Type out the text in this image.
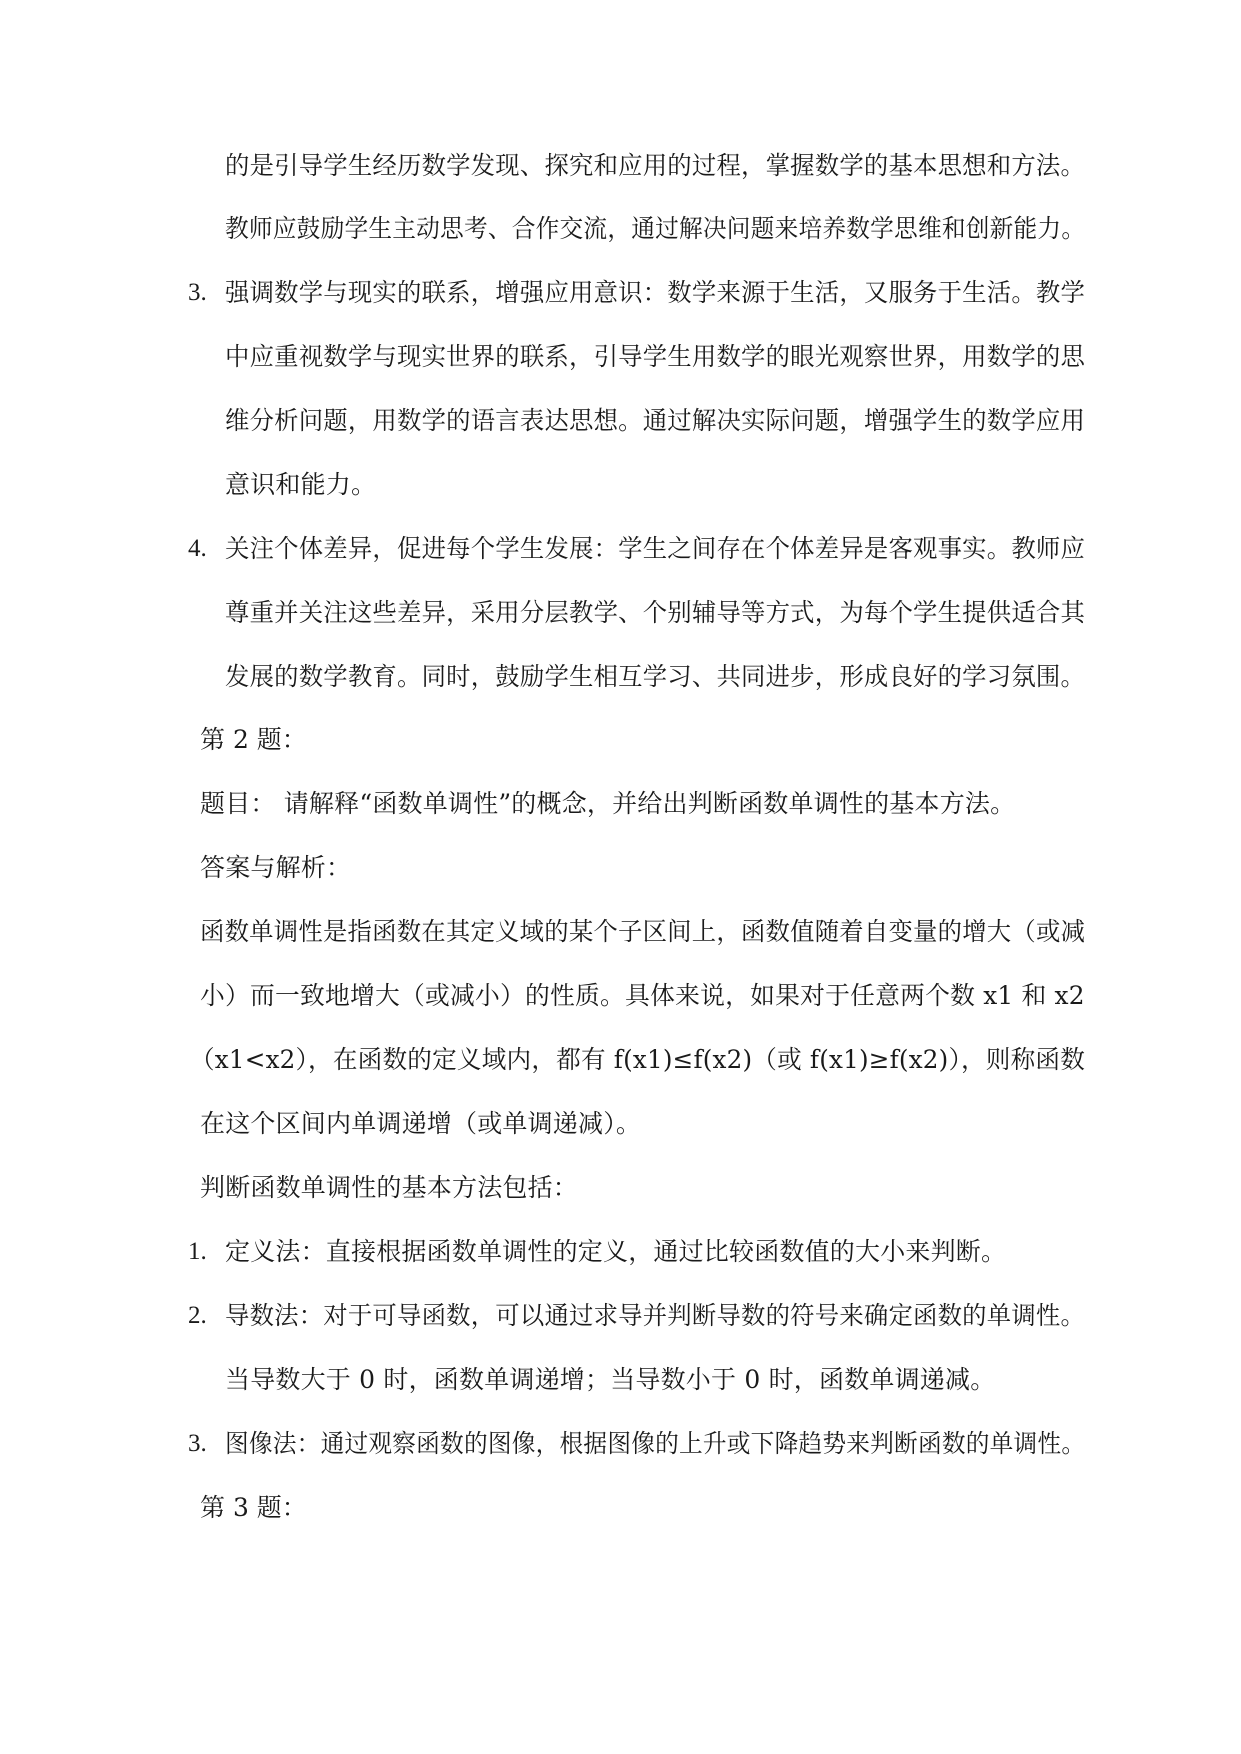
的是引导学生经历数学发现、探究和应用的过程，掌握数学的基本思想和方法。
教师应鼓励学生主动思考、合作交流，通过解决问题来培养数学思维和创新能力。
3. 强调数学与现实的联系，增强应用意识：数学来源于生活，又服务于生活。教学
中应重视数学与现实世界的联系，引导学生用数学的眼光观察世界，用数学的思
维分析问题，用数学的语言表达思想。通过解决实际问题，增强学生的数学应用
意识和能力。
4. 关注个体差异，促进每个学生发展：学生之间存在个体差异是客观事实。教师应
尊重并关注这些差异，采用分层教学、个别辅导等方式，为每个学生提供适合其
发展的数学教育。同时，鼓励学生相互学习、共同进步，形成良好的学习氛围。
第 2 题：
题目： 请解释“函数单调性”的概念，并给出判断函数单调性的基本方法。
答案与解析：
函数单调性是指函数在其定义域的某个子区间上，函数值随着自变量的增大（或减
小）而一致地增大（或减小）的性质。具体来说，如果对于任意两个数 x1 和 x2
（x1<x2），在函数的定义域内，都有 f(x1)≤f(x2)（或 f(x1)≥f(x2)），则称函数
在这个区间内单调递增（或单调递减）。
判断函数单调性的基本方法包括：
1. 定义法：直接根据函数单调性的定义，通过比较函数值的大小来判断。
2. 导数法：对于可导函数，可以通过求导并判断导数的符号来确定函数的单调性。
当导数大于 0 时，函数单调递增；当导数小于 0 时，函数单调递减。
3. 图像法：通过观察函数的图像，根据图像的上升或下降趋势来判断函数的单调性。
第 3 题：
